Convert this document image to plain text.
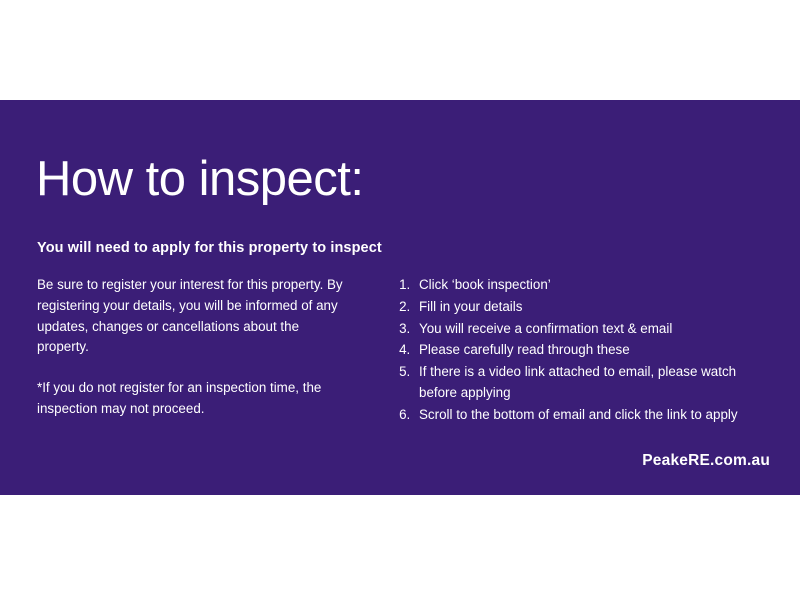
How to inspect:
You will need to apply for this property to inspect

Be sure to register your interest for this property. By registering your details, you will be informed of any updates, changes or cancellations about the property.

*If you do not register for an inspection time, the inspection may not proceed.

1. Click ‘book inspection’
2. Fill in your details
3. You will receive a confirmation text & email
4. Please carefully read through these
5. If there is a video link attached to email, please watch before applying
6. Scroll to the bottom of email and click the link to apply
PeakeRE.com.au
